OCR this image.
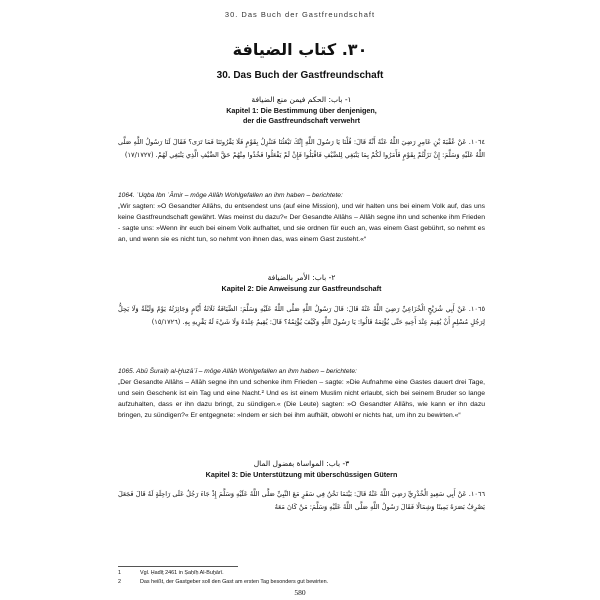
30. Das Buch der Gastfreundschaft
٣٠. كتاب الضيافة
30. Das Buch der Gastfreundschaft
١- باب: الحكم فيمن منع الضيافة
Kapitel 1: Die Bestimmung über denjenigen,
der die Gastfreundschaft verwehrt
١٠٦٤. عَنْ عُقْبَةَ بْنِ عَامِرٍ رَضِيَ اللَّهُ عَنْهُ أَنَّهُ قَالَ: قُلْنَا يَا رَسُولَ اللَّهِ إِنَّكَ تَبْعَثُنَا فَنَنْزِلُ بِقَوْمٍ فَلَا يَقْرُونَنَا فَمَا تَرَى؟ فَقَالَ لَنَا رَسُولُ اللَّهِ صَلَّى اللَّهُ عَلَيْهِ وَسَلَّمَ: إِنْ نَزَلْتُمْ بِقَوْمٍ فَأَمَرُوا لَكُمْ بِمَا يَنْبَغِي لِلضَّيْفِ فَاقْبَلُوا فَإِنْ لَمْ يَفْعَلُوا فَخُذُوا مِنْهُمْ حَقَّ الضَّيْفِ الَّذِي يَنْبَغِي لَهُمْ. (١٧/١٧٢٧)
1064. ʿUqba Ibn ʿĀmir – möge Allāh Wohlgefallen an ihm haben – berichtete:
„Wir sagten: »O Gesandter Allāhs, du entsendest uns (auf eine Mission), und wir halten uns bei einem Volk auf, das uns keine Gastfreundschaft gewährt. Was meinst du dazu?« Der Gesandte Allāhs – Allāh segne ihn und schenke ihm Frieden - sagte uns: »Wenn ihr euch bei einem Volk aufhaltet, und sie ordnen für euch an, was einem Gast gebührt, so nehmt es an, und wenn sie es nicht tun, so nehmt von ihnen das, was einem Gast zusteht.«“
٢- باب: الأمر بالضيافة
Kapitel 2: Die Anweisung zur Gastfreundschaft
١٠٦٥. عَنْ أَبِي شُرَيْحٍ الْخُزَاعِيِّ رَضِيَ اللَّهُ عَنْهُ قَالَ: قَالَ رَسُولُ اللَّهِ صَلَّى اللَّهُ عَلَيْهِ وَسَلَّمَ: الضِّيَافَةُ ثَلَاثَةُ أَيَّامٍ وَجَائِزَتُهُ يَوْمٌ وَلَيْلَةٌ وَلَا يَحِلُّ لِرَجُلٍ مُسْلِمٍ أَنْ يُقِيمَ عِنْدَ أَخِيهِ حَتَّى يُؤْثِمَهُ قَالُوا: يَا رَسُولَ اللَّهِ وَكَيْفَ يُؤْثِمُهُ؟ قَالَ: يُقِيمُ عِنْدَهُ وَلَا شَيْءَ لَهُ يَقْرِيهِ بِهِ. (١٥/١٧٢٦)
1065. Abū Šuraiḥ al-Ḫuzāʿī – möge Allāh Wohlgefallen an ihm haben – berichtete:
„Der Gesandte Allāhs – Allāh segne ihn und schenke ihm Frieden – sagte: »Die Aufnahme eine Gastes dauert drei Tage, und sein Geschenk ist ein Tag und eine Nacht.² Und es ist einem Muslim nicht erlaubt, sich bei seinem Bruder so lange aufzuhalten, dass er ihn dazu bringt, zu sündigen.« (Die Leute) sagten: »O Gesandter Allāhs, wie kann er ihn dazu bringen, zu sündigen?« Er entgegnete: »Indem er sich bei ihm aufhält, obwohl er nichts hat, um ihn zu bewirten.«“
٣- باب: المواساة بفضول المال
Kapitel 3: Die Unterstützung mit überschüssigen Gütern
١٠٦٦. عَنْ أَبِي سَعِيدٍ الْخُدْرِيِّ رَضِيَ اللَّهُ عَنْهُ قَالَ: بَيْنَمَا نَحْنُ فِي سَفَرٍ مَعَ النَّبِيِّ صَلَّى اللَّهُ عَلَيْهِ وَسَلَّمَ إِذْ جَاءَ رَجُلٌ عَلَى رَاحِلَةٍ لَهُ قَالَ فَجَعَلَ يَصْرِفُ بَصَرَهُ يَمِينًا وَشِمَالًا فَقَالَ رَسُولُ اللَّهِ صَلَّى اللَّهُ عَلَيْهِ وَسَلَّمَ: مَنْ كَانَ مَعَهُ
1	Vgl. Ḥadīṯ 2461 in Ṣaḥīḥ Al-Buḫārī.
2	Das heißt, der Gastgeber soll den Gast am ersten Tag besonders gut bewirten.
580
